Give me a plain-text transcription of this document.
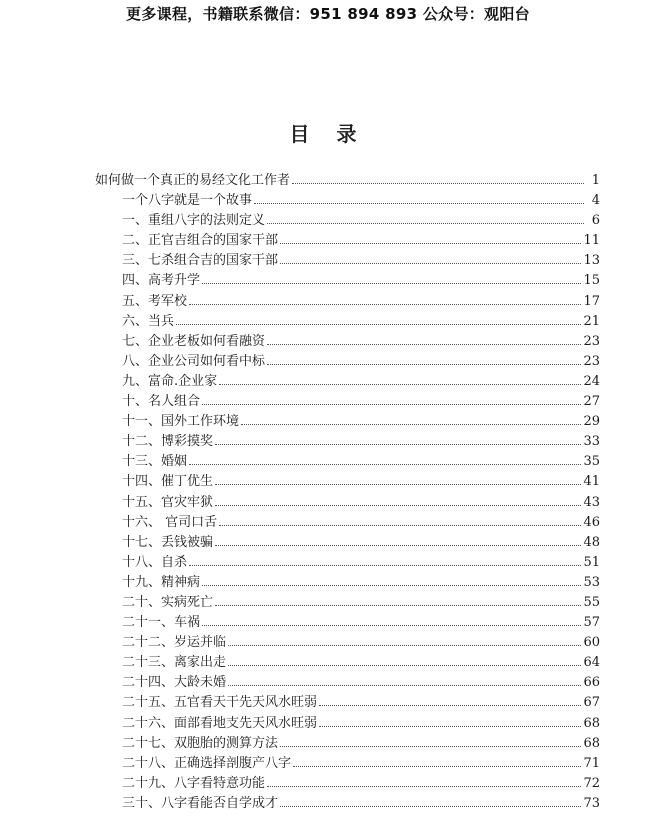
更多课程，书籍联系微信：951 894 893 公众号：观阳台
目 录
如何做一个真正的易经文化工作者	1
一个八字就是一个故事	4
一、重组八字的法则定义	6
二、正官吉组合的国家干部	11
三、七杀组合吉的国家干部	13
四、高考升学	15
五、考军校	17
六、当兵	21
七、企业老板如何看融资	23
八、企业公司如何看中标	23
九、富命.企业家	24
十、名人组合	27
十一、国外工作环境	29
十二、博彩摸奖	33
十三、婚姻	35
十四、催丁优生	41
十五、官灾牢狱	43
十六、 官司口舌	46
十七、丢钱被骗	48
十八、自杀	51
十九、精神病	53
二十、实病死亡	55
二十一、车祸	57
二十二、岁运并临	60
二十三、离家出走	64
二十四、大龄未婚	66
二十五、五官看天干先天风水旺弱	67
二十六、面部看地支先天风水旺弱	68
二十七、双胞胎的测算方法	68
二十八、正确选择剖腹产八字	71
二十九、八字看特意功能	72
三十、八字看能否自学成才	73
